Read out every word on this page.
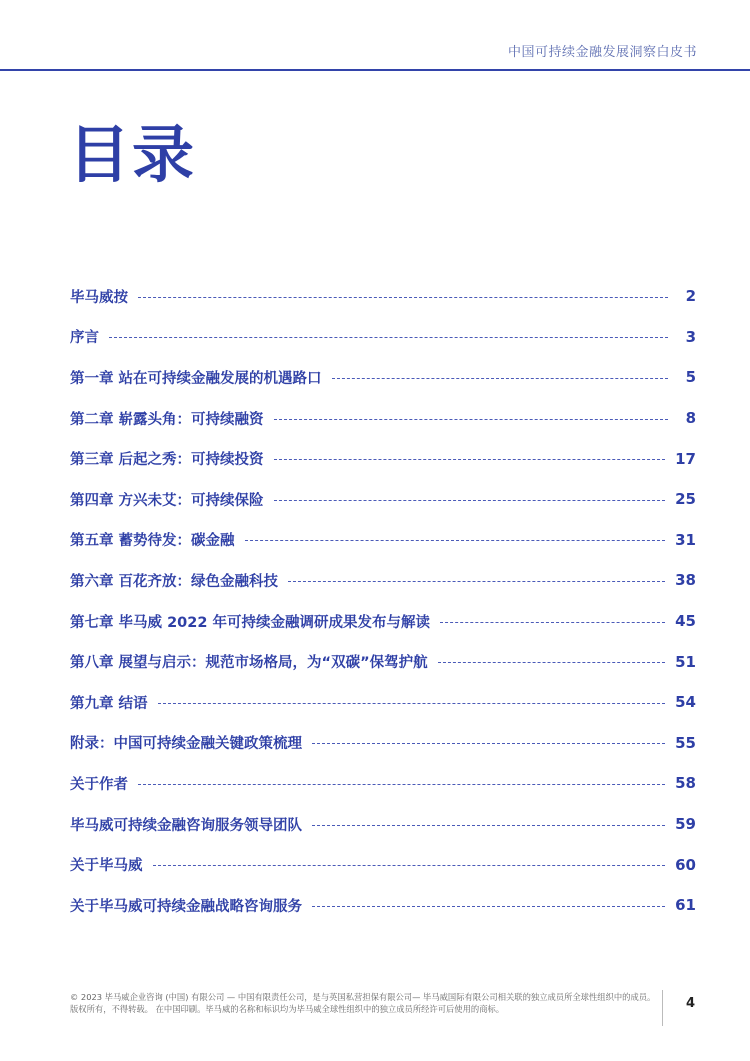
中国可持续金融发展洞察白皮书
目录
毕马威按	2
序言	3
第一章 站在可持续金融发展的机遇路口	5
第二章 崭露头角：可持续融资	8
第三章 后起之秀：可持续投资	17
第四章 方兴未艾：可持续保险	25
第五章 蓄势待发：碳金融	31
第六章 百花齐放：绿色金融科技	38
第七章 毕马威 2022 年可持续金融调研成果发布与解读	45
第八章 展望与启示：规范市场格局，为“双碳”保驾护航	51
第九章 结语	54
附录：中国可持续金融关键政策梳理	55
关于作者	58
毕马威可持续金融咨询服务领导团队	59
关于毕马威	60
关于毕马威可持续金融战略咨询服务	61
© 2023 毕马威企业咨询 (中国) 有限公司 — 中国有限责任公司，是与英国私营担保有限公司— 毕马威国际有限公司相关联的独立成员所全球性组织中的成员。
版权所有，不得转载。 在中国印刷。毕马威的名称和标识均为毕马威全球性组织中的独立成员所经许可后使用的商标。	4
